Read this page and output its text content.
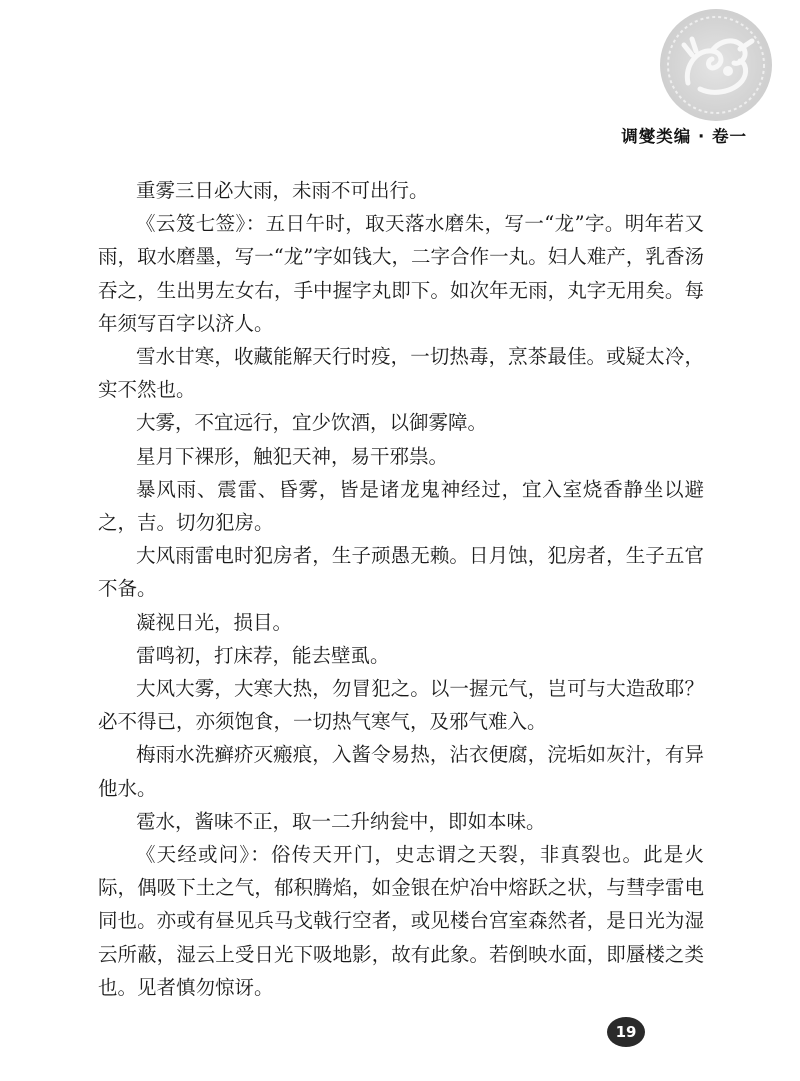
调燮类编 · 卷一

重雾三日必大雨，未雨不可出行。

《云笈七签》：五日午时，取天落水磨朱，写一“龙”字。明年若又雨，取水磨墨，写一“龙”字如钱大，二字合作一丸。妇人难产，乳香汤吞之，生出男左女右，手中握字丸即下。如次年无雨，丸字无用矣。每年须写百字以济人。

雪水甘寒，收藏能解天行时疫，一切热毒，烹茶最佳。或疑太冷，实不然也。

大雾，不宜远行，宜少饮酒，以御雾障。

星月下裸形，触犯天神，易干邪祟。

暴风雨、震雷、昏雾，皆是诸龙鬼神经过，宜入室烧香静坐以避之，吉。切勿犯房。

大风雨雷电时犯房者，生子顽愚无赖。日月蚀，犯房者，生子五官不备。

凝视日光，损目。

雷鸣初，打床荐，能去壁虱。

大风大雾，大寒大热，勿冒犯之。以一握元气，岂可与大造敌耶？必不得已，亦须饱食，一切热气寒气，及邪气难入。

梅雨水洗癣疥灭瘢痕，入酱令易热，沾衣便腐，浣垢如灰汁，有异他水。

雹水，酱味不正，取一二升纳瓮中，即如本味。

《天经或问》：俗传天开门，史志谓之天裂，非真裂也。此是火际，偶吸下土之气，郁积腾焰，如金银在炉冶中熔跃之状，与彗孛雷电同也。亦或有昼见兵马戈戟行空者，或见楼台宫室森然者，是日光为湿云所蔽，湿云上受日光下吸地影，故有此象。若倒映水面，即蜃楼之类也。见者慎勿惊讶。

19
